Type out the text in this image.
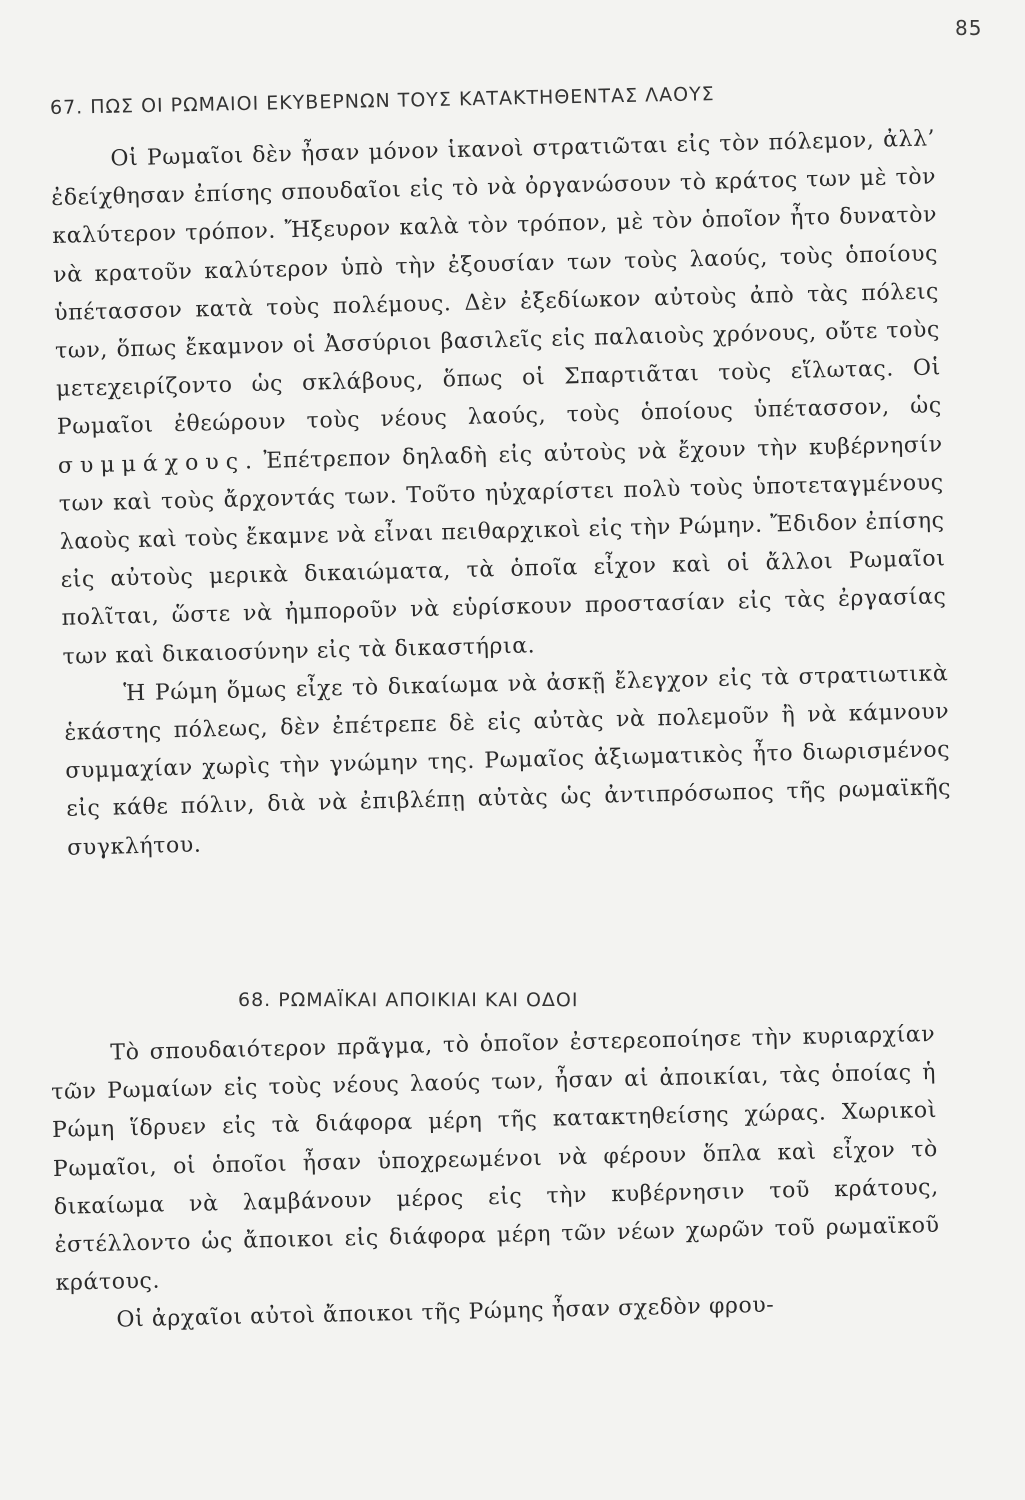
85
67. ΠΩΣ ΟΙ ΡΩΜΑΙΟΙ ΕΚΥΒΕΡΝΩΝ ΤΟΥΣ ΚΑΤΑΚΤΗΘΕΝΤΑΣ ΛΑΟΥΣ

Οἱ Ρωμαῖοι δὲν ἦσαν μόνον ἱκανοὶ στρατιῶται εἰς τὸν πόλεμον, ἀλλ’ ἐδείχθησαν ἐπίσης σπουδαῖοι εἰς τὸ νὰ ὀργανώσουν τὸ κράτος των μὲ τὸν καλύτερον τρόπον. Ἤξευρον καλὰ τὸν τρόπον, μὲ τὸν ὁποῖον ἦτο δυνατὸν νὰ κρατοῦν καλύτερον ὑπὸ τὴν ἐξουσίαν των τοὺς λαούς, τοὺς ὁποίους ὑπέτασσον κατὰ τοὺς πολέμους. Δὲν ἐξεδίωκον αὐτοὺς ἀπὸ τὰς πόλεις των, ὅπως ἔκαμνον οἱ Ἀσσύριοι βασιλεῖς εἰς παλαιοὺς χρόνους, οὔτε τοὺς μετεχειρίζοντο ὡς σκλάβους, ὅπως οἱ Σπαρτιᾶται τοὺς εἵλωτας. Οἱ Ρωμαῖοι ἐθεώρουν τοὺς νέους λαούς, τοὺς ὁποίους ὑπέτασσον, ὡς συμμάχους. Ἐπέτρεπον δηλαδὴ εἰς αὐτοὺς νὰ ἔχουν τὴν κυβέρνησίν των καὶ τοὺς ἄρχοντάς των. Τοῦτο ηὐχαρίστει πολὺ τοὺς ὑποτεταγμένους λαοὺς καὶ τοὺς ἔκαμνε νὰ εἶναι πειθαρχικοὶ εἰς τὴν Ρώμην. Ἔδιδον ἐπίσης εἰς αὐτοὺς μερικὰ δικαιώματα, τὰ ὁποῖα εἶχον καὶ οἱ ἄλλοι Ρωμαῖοι πολῖται, ὥστε νὰ ἠμποροῦν νὰ εὑρίσκουν προστασίαν εἰς τὰς ἐργασίας των καὶ δικαιοσύνην εἰς τὰ δικαστήρια.

Ἡ Ρώμη ὅμως εἶχε τὸ δικαίωμα νὰ ἀσκῇ ἔλεγχον εἰς τὰ στρατιωτικὰ ἑκάστης πόλεως, δὲν ἐπέτρεπε δὲ εἰς αὐτὰς νὰ πολεμοῦν ἢ νὰ κάμνουν συμμαχίαν χωρὶς τὴν γνώμην της. Ρωμαῖος ἀξιωματικὸς ἦτο διωρισμένος εἰς κάθε πόλιν, διὰ νὰ ἐπιβλέπῃ αὐτὰς ὡς ἀντιπρόσωπος τῆς ρωμαϊκῆς συγκλήτου.

68. ΡΩΜΑΪΚΑΙ ΑΠΟΙΚΙΑΙ ΚΑΙ ΟΔΟΙ

Τὸ σπουδαιότερον πρᾶγμα, τὸ ὁποῖον ἐστερεοποίησε τὴν κυριαρχίαν τῶν Ρωμαίων εἰς τοὺς νέους λαούς των, ἦσαν αἱ ἀποικίαι, τὰς ὁποίας ἡ Ρώμη ἵδρυεν εἰς τὰ διάφορα μέρη τῆς κατακτηθείσης χώρας. Χωρικοὶ Ρωμαῖοι, οἱ ὁποῖοι ἦσαν ὑποχρεωμένοι νὰ φέρουν ὅπλα καὶ εἶχον τὸ δικαίωμα νὰ λαμβάνουν μέρος εἰς τὴν κυβέρνησιν τοῦ κράτους, ἐστέλλοντο ὡς ἄποικοι εἰς διάφορα μέρη τῶν νέων χωρῶν τοῦ ρωμαϊκοῦ κράτους.

Οἱ ἀρχαῖοι αὐτοὶ ἄποικοι τῆς Ρώμης ἦσαν σχεδὸν φρου-
